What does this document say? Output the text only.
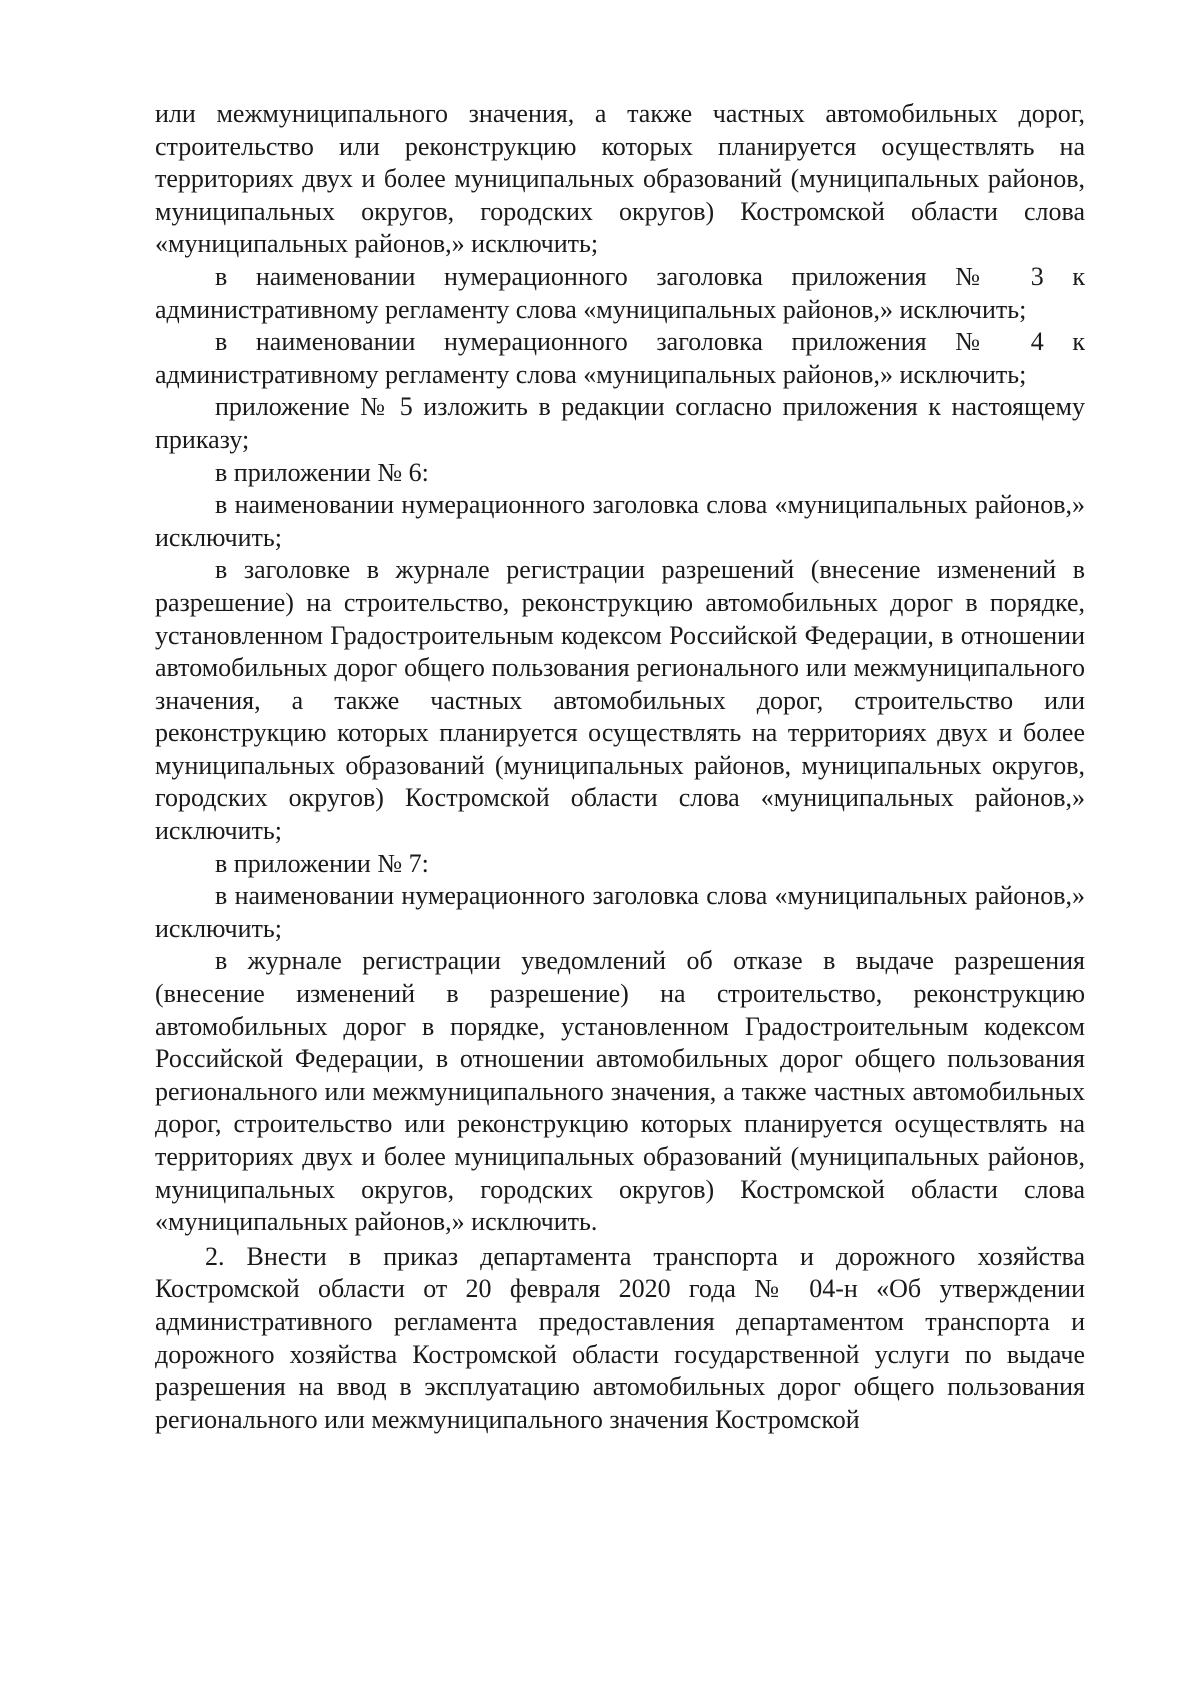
или межмуниципального значения, а также частных автомобильных дорог, строительство или реконструкцию которых планируется осуществлять на территориях двух и более муниципальных образований (муниципальных районов, муниципальных округов, городских округов) Костромской области слова «муниципальных районов,» исключить;

в наименовании нумерационного заголовка приложения № 3 к административному регламенту слова «муниципальных районов,» исключить;

в наименовании нумерационного заголовка приложения № 4 к административному регламенту слова «муниципальных районов,» исключить;

приложение № 5 изложить в редакции согласно приложения к настоящему приказу;

в приложении № 6:

в наименовании нумерационного заголовка слова «муниципальных районов,» исключить;

в заголовке в журнале регистрации разрешений (внесение изменений в разрешение) на строительство, реконструкцию автомобильных дорог в порядке, установленном Градостроительным кодексом Российской Федерации, в отношении автомобильных дорог общего пользования регионального или межмуниципального значения, а также частных автомобильных дорог, строительство или реконструкцию которых планируется осуществлять на территориях двух и более муниципальных образований (муниципальных районов, муниципальных округов, городских округов) Костромской области слова «муниципальных районов,» исключить;

в приложении № 7:

в наименовании нумерационного заголовка слова «муниципальных районов,» исключить;

в журнале регистрации уведомлений об отказе в выдаче разрешения (внесение изменений в разрешение) на строительство, реконструкцию автомобильных дорог в порядке, установленном Градостроительным кодексом Российской Федерации, в отношении автомобильных дорог общего пользования регионального или межмуниципального значения, а также частных автомобильных дорог, строительство или реконструкцию которых планируется осуществлять на территориях двух и более муниципальных образований (муниципальных районов, муниципальных округов, городских округов) Костромской области слова «муниципальных районов,» исключить.

2. Внести в приказ департамента транспорта и дорожного хозяйства Костромской области от 20 февраля 2020 года № 04-н «Об утверждении административного регламента предоставления департаментом транспорта и дорожного хозяйства Костромской области государственной услуги по выдаче разрешения на ввод в эксплуатацию автомобильных дорог общего пользования регионального или межмуниципального значения Костромской
